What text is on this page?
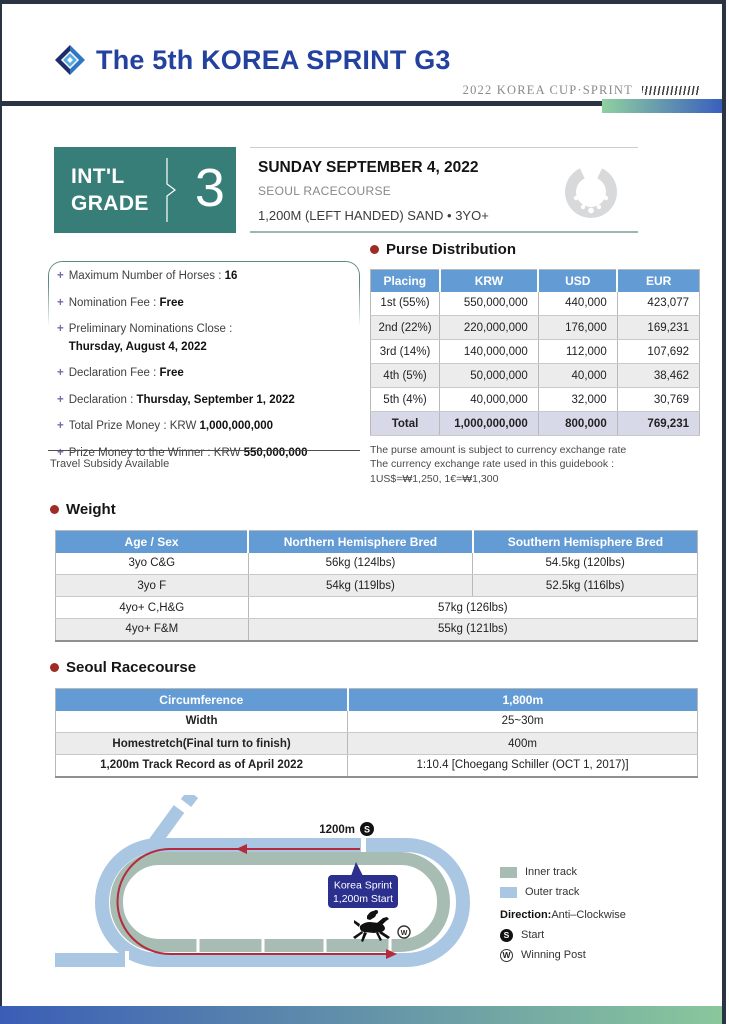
The 5th KOREA SPRINT G3
2022 KOREA CUP·SPRINT
INT'L
GRADE 3 SUNDAY SEPTEMBER 4, 2022
SEOUL RACECOURSE
1,200M (LEFT HANDED) SAND • 3YO+
+ Maximum Number of Horses : 16
+ Nomination Fee : Free
+ Preliminary Nominations Close :
Thursday, August 4, 2022
+ Declaration Fee : Free
+ Declaration : Thursday, September 1, 2022
+ Total Prize Money : KRW 1,000,000,000
+ Prize Money to the Winner : KRW 550,000,000
Travel Subsidy Available
Purse Distribution
Placing	KRW	USD	EUR
1st (55%)	550,000,000	440,000	423,077
2nd (22%)	220,000,000	176,000	169,231
3rd (14%)	140,000,000	112,000	107,692
4th (5%)	50,000,000	40,000	38,462
5th (4%)	40,000,000	32,000	30,769
Total	1,000,000,000	800,000	769,231
The purse amount is subject to currency exchange rate
The currency exchange rate used in this guidebook :
1US$=₩1,250, 1€=₩1,300
Weight
Age / Sex	Northern Hemisphere Bred	Southern Hemisphere Bred
3yo C&G	56kg (124lbs)	54.5kg (120lbs)
3yo F	54kg (119lbs)	52.5kg (116lbs)
4yo+ C,H&G	57kg (126lbs)	
4yo+ F&M	55kg (121lbs)	
Seoul Racecourse
Circumference	1,800m
Width	25~30m
Homestretch(Final turn to finish)	400m
1,200m Track Record as of April 2022	1:10.4 [Choegang Schiller (OCT 1, 2017)]
1200m S
Korea Sprint
1,200m Start
W
Inner track
Outer track
Direction: Anti–Clockwise
S	Start
W Winning Post
